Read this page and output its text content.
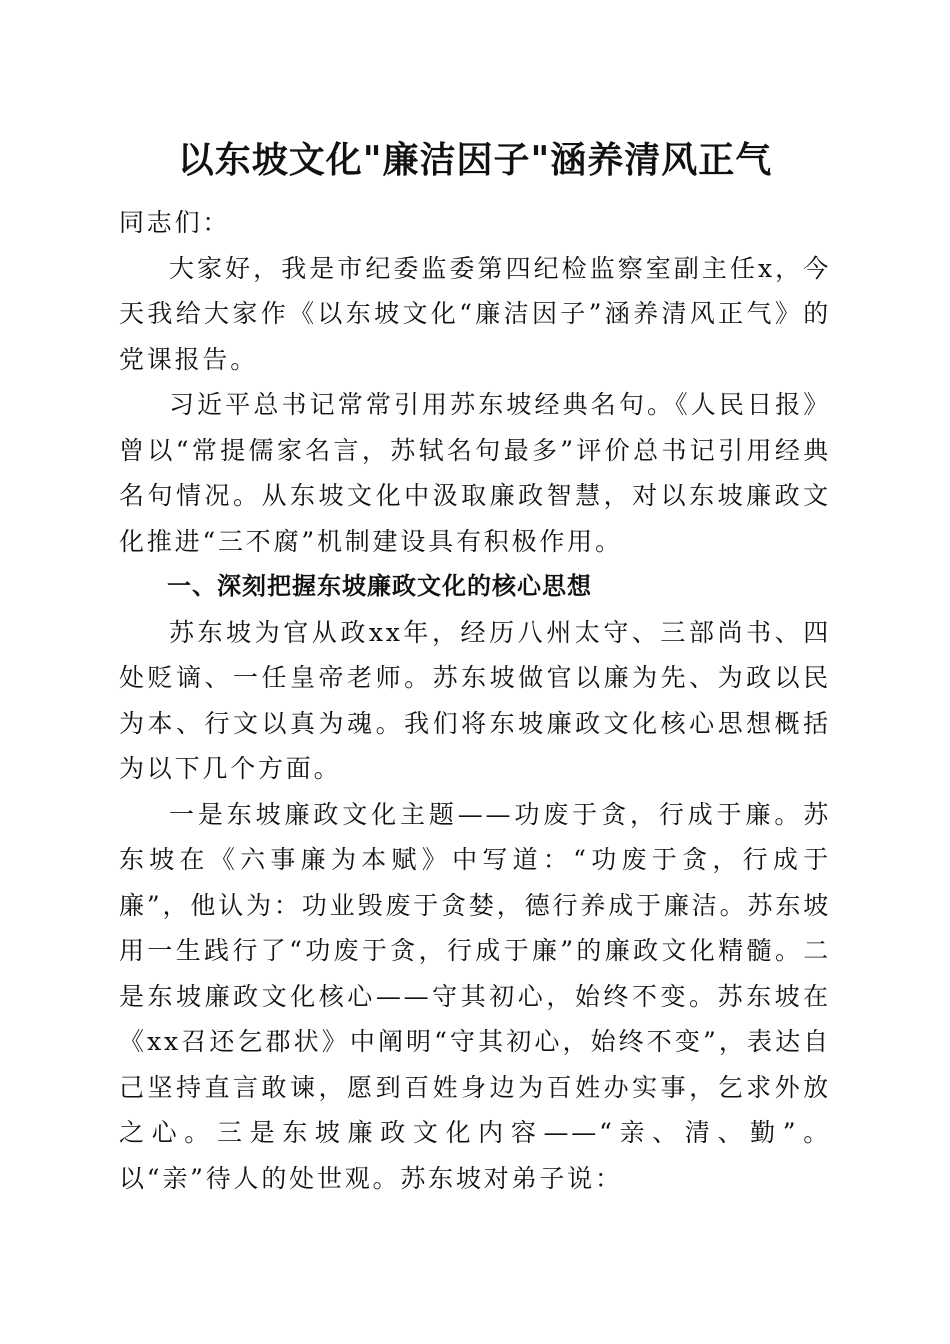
以东坡文化"廉洁因子"涵养清风正气

同志们：

大家好，我是市纪委监委第四纪检监察室副主任x，今天我给大家作《以东坡文化“廉洁因子”涵养清风正气》的党课报告。

习近平总书记常常引用苏东坡经典名句。《人民日报》曾以“常提儒家名言，苏轼名句最多”评价总书记引用经典名句情况。从东坡文化中汲取廉政智慧，对以东坡廉政文化推进“三不腐”机制建设具有积极作用。

一、深刻把握东坡廉政文化的核心思想

苏东坡为官从政xx年，经历八州太守、三部尚书、四处贬谪、一任皇帝老师。苏东坡做官以廉为先、为政以民为本、行文以真为魂。我们将东坡廉政文化核心思想概括为以下几个方面。

一是东坡廉政文化主题——功废于贪，行成于廉。苏东坡在《六事廉为本赋》中写道：“功废于贪，行成于廉”，他认为：功业毁废于贪婪，德行养成于廉洁。苏东坡用一生践行了“功废于贪，行成于廉”的廉政文化精髓。二是东坡廉政文化核心——守其初心，始终不变。苏东坡在《xx召还乞郡状》中阐明“守其初心，始终不变”，表达自己坚持直言敢谏，愿到百姓身边为百姓办实事，乞求外放之心。三是东坡廉政文化内容——“亲、清、勤”。以“亲”待人的处世观。苏东坡对弟子说：
